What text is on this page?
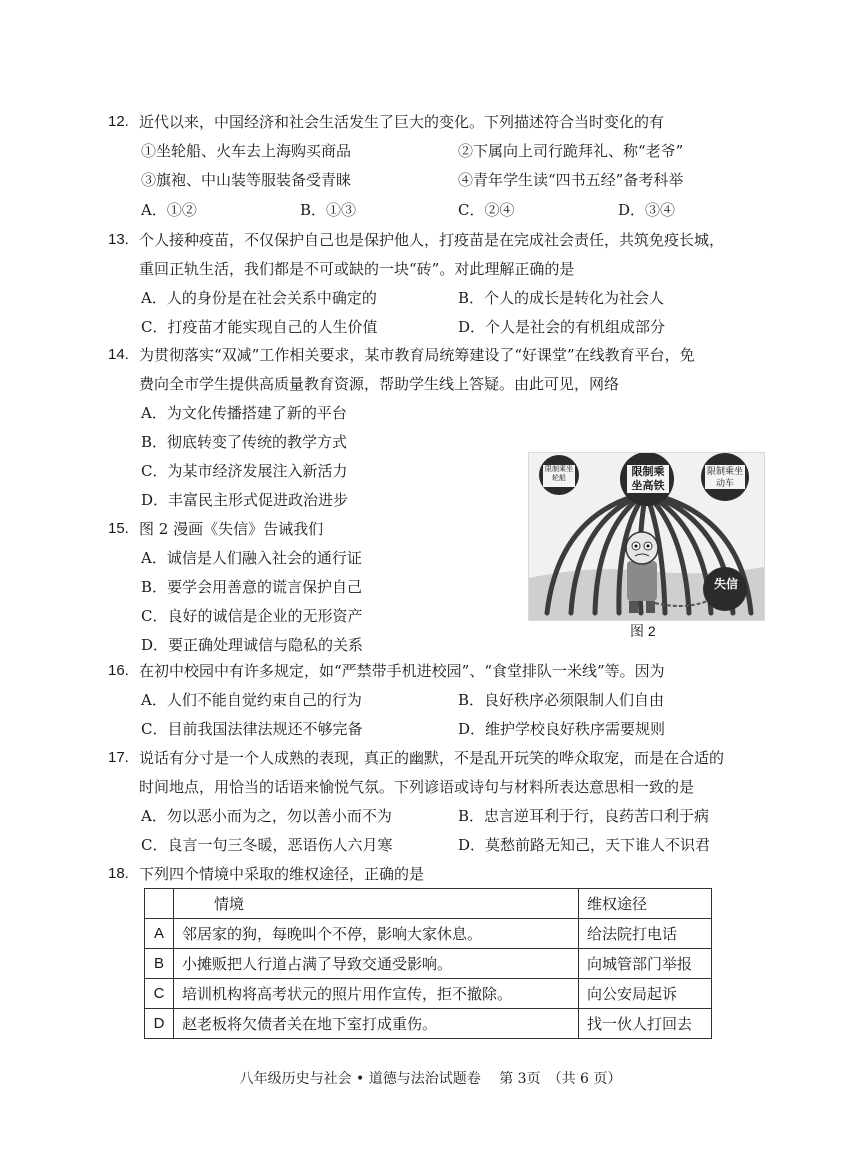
12. 近代以来，中国经济和社会生活发生了巨大的变化。下列描述符合当时变化的有
①坐轮船、火车去上海购买商品	②下属向上司行跪拜礼、称“老爷”
③旗袍、中山装等服装备受青睐	④青年学生读“四书五经”备考科举
A．①②	B．①③	C．②④	D．③④
13. 个人接种疫苗，不仅保护自己也是保护他人，打疫苗是在完成社会责任，共筑免疫长城，
重回正轨生活，我们都是不可或缺的一块“砖”。对此理解正确的是
A．人的身份是在社会关系中确定的	B．个人的成长是转化为社会人
C．打疫苗才能实现自己的人生价值	D．个人是社会的有机组成部分
14. 为贯彻落实“双减”工作相关要求，某市教育局统筹建设了“好课堂”在线教育平台，免
费向全市学生提供高质量教育资源，帮助学生线上答疑。由此可见，网络
A．为文化传播搭建了新的平台
B．彻底转变了传统的教学方式
C．为某市经济发展注入新活力
D．丰富民主形式促进政治进步
15. 图 2 漫画《失信》告诫我们
A．诚信是人们融入社会的通行证
B．要学会用善意的谎言保护自己
C．良好的诚信是企业的无形资产
D．要正确处理诚信与隐私的关系
限制乘坐轮船
限制乘坐高铁
限制乘坐动车
失信
图 2
16. 在初中校园中有许多规定，如“严禁带手机进校园”、“食堂排队一米线”等。因为
A．人们不能自觉约束自己的行为	B．良好秩序必须限制人们自由
C．目前我国法律法规还不够完备	D．维护学校良好秩序需要规则
17. 说话有分寸是一个人成熟的表现，真正的幽默，不是乱开玩笑的哗众取宠，而是在合适的
时间地点，用恰当的话语来愉悦气氛。下列谚语或诗句与材料所表达意思相一致的是
A．勿以恶小而为之，勿以善小而不为	B．忠言逆耳利于行，良药苦口利于病
C．良言一句三冬暖，恶语伤人六月寒	D．莫愁前路无知己，天下谁人不识君
18. 下列四个情境中采取的维权途径，正确的是
	情境	维权途径
A	邻居家的狗，每晚叫个不停，影响大家休息。	给法院打电话
B	小摊贩把人行道占满了导致交通受影响。	向城管部门举报
C	培训机构将高考状元的照片用作宣传，拒不撤除。	向公安局起诉
D	赵老板将欠债者关在地下室打成重伤。	找一伙人打回去
八年级历史与社会 • 道德与法治试题卷　 第 3页　（共 6 页）
